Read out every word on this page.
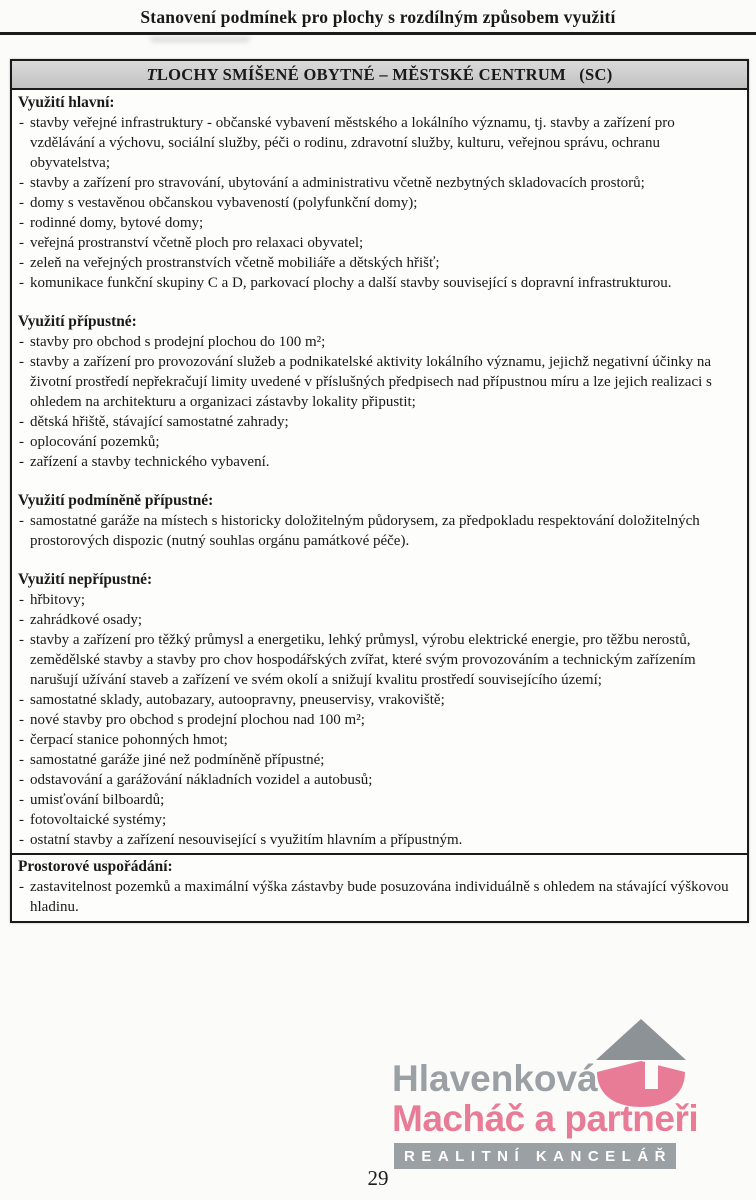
Stanovení podmínek pro plochy s rozdílným způsobem využití
TLOCHY SMÍŠENÉ OBYTNÉ – MĚSTSKÉ CENTRUM   (SC)
Využití hlavní:
- stavby veřejné infrastruktury - občanské vybavení městského a lokálního významu, tj. stavby a zařízení pro vzdělávání a výchovu, sociální služby, péči o rodinu, zdravotní služby, kulturu, veřejnou správu, ochranu obyvatelstva;
- stavby a zařízení pro stravování, ubytování a administrativu včetně nezbytných skladovacích prostorů;
- domy s vestavěnou občanskou vybaveností (polyfunkční domy);
- rodinné domy, bytové domy;
- veřejná prostranství včetně ploch pro relaxaci obyvatel;
- zeleň na veřejných prostranstvích včetně mobiliáře a dětských hřišť;
- komunikace funkční skupiny C a D, parkovací plochy a další stavby související s dopravní infrastrukturou.
Využití přípustné:
- stavby pro obchod s prodejní plochou do 100 m²;
- stavby a zařízení pro provozování služeb a podnikatelské aktivity lokálního významu, jejichž negativní účinky na životní prostředí nepřekračují limity uvedené v příslušných předpisech nad přípustnou míru a lze jejich realizaci s ohledem na architekturu a organizaci zástavby lokality připustit;
- dětská hřiště, stávající samostatné zahrady;
- oplocování pozemků;
- zařízení a stavby technického vybavení.
Využití podmíněně přípustné:
- samostatné garáže na místech s historicky doložitelným půdorysem, za předpokladu respektování doložitelných prostorových dispozic (nutný souhlas orgánu památkové péče).
Využití nepřípustné:
- hřbitovy;
- zahrádkové osady;
- stavby a zařízení pro těžký průmysl a energetiku, lehký průmysl, výrobu elektrické energie, pro těžbu nerostů, zemědělské stavby a stavby pro chov hospodářských zvířat, které svým provozováním a technickým zařízením narušují užívání staveb a zařízení ve svém okolí a snižují kvalitu prostředí souvisejícího území;
- samostatné sklady, autobazary, autoopravny, pneuservisy, vrakoviště;
- nové stavby pro obchod s prodejní plochou nad 100 m²;
- čerpací stanice pohonných hmot;
- samostatné garáže jiné než podmíněně přípustné;
- odstavování a garážování nákladních vozidel a autobusů;
- umisťování bilboardů;
- fotovoltaické systémy;
- ostatní stavby a zařízení nesouvisející s využitím hlavním a přípustným.
Prostorové uspořádání:
- zastavitelnost pozemků a maximální výška zástavby bude posuzována individuálně s ohledem na stávající výškovou hladinu.
Hlavenková
Macháč a partneři
REALITNÍ KANCELÁŘ
29
